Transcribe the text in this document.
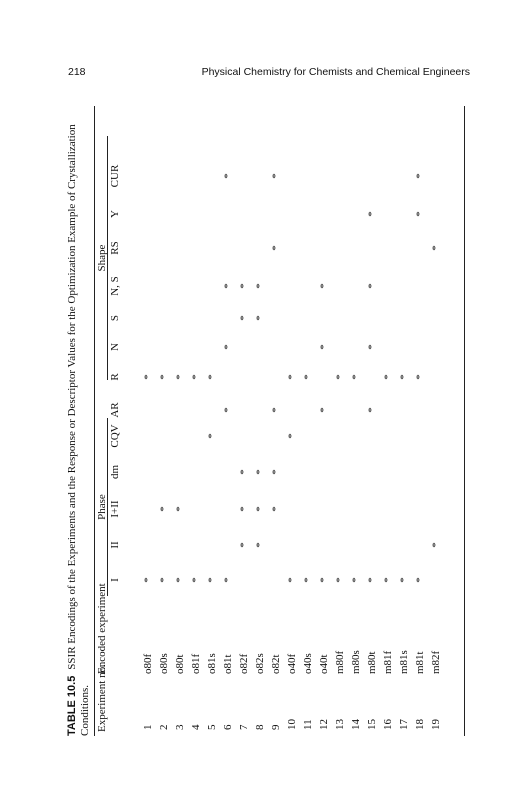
218	Physical Chemistry for Chemists and Chemical Engineers
TABLE 10.5SSIR Encodings of the Experiments and the Response or Descriptor Values for the Optimization Example of Crystallization Conditions. Experiment no.
Encoded experiment
Phase
Shape
I
II
I+II
dm
CQV
AR
R
N
S
N, S
RS
Y
CUR
1
o80f
*
*
2
o80s
*
*
*
3
o80t
*
*
*
4
o81f
*
*
5
o81s
*
*
*
6
o81t
*
*
*
*
*
7
o82f
*
*
*
*
*
8
o82s
*
*
*
*
*
9
o82t
*
*
*
*
*
10
o40f
*
*
*
11
o40s
*
*
12
o40t
*
*
*
*
13
m80f
*
*
14
m80s
*
*
15
m80t
*
*
*
*
*
16
m81f
*
*
17
m81s
*
*
18
m81t
*
*
*
*
19
m82f
*
*
